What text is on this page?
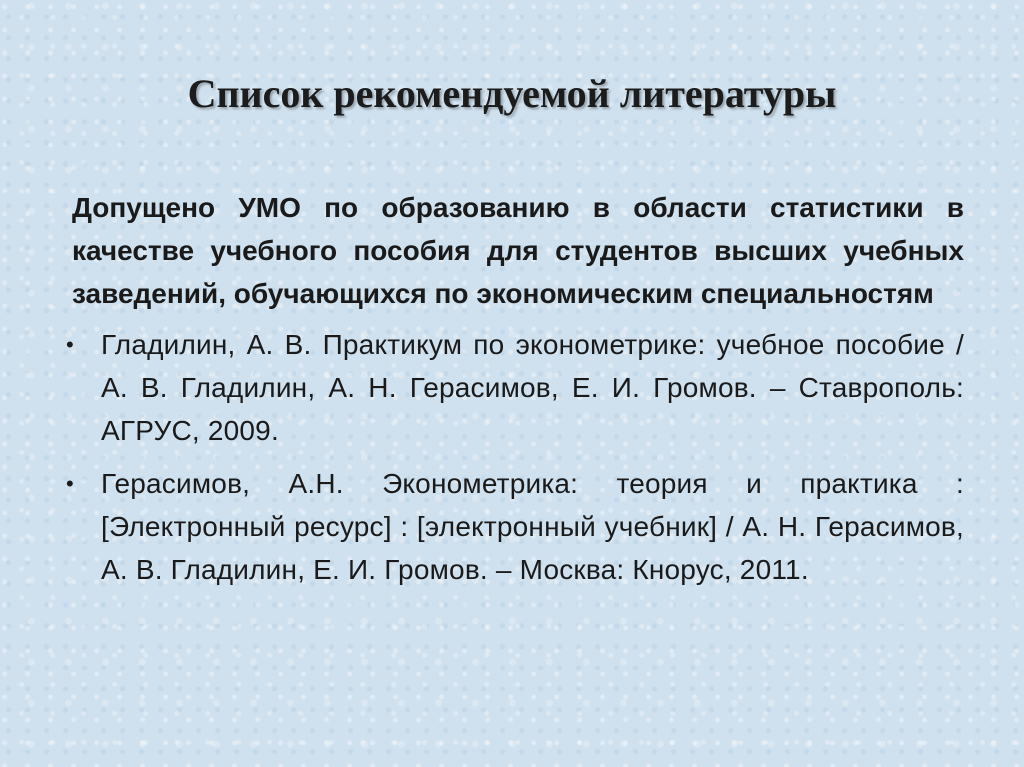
Список рекомендуемой литературы

Допущено УМО по образованию в области статистики в качестве учебного пособия для студентов высших учебных заведений, обучающихся по экономическим специальностям

• Гладилин, А. В. Практикум по эконометрике: учебное пособие / А. В. Гладилин, А. Н. Герасимов, Е. И. Громов. – Ставрополь: АГРУС, 2009.
• Герасимов, А.Н. Эконометрика: теория и практика : [Электронный ресурс] : [электронный учебник] / А. Н. Герасимов, А. В. Гладилин, Е. И. Громов. – Москва: Кнорус, 2011.
